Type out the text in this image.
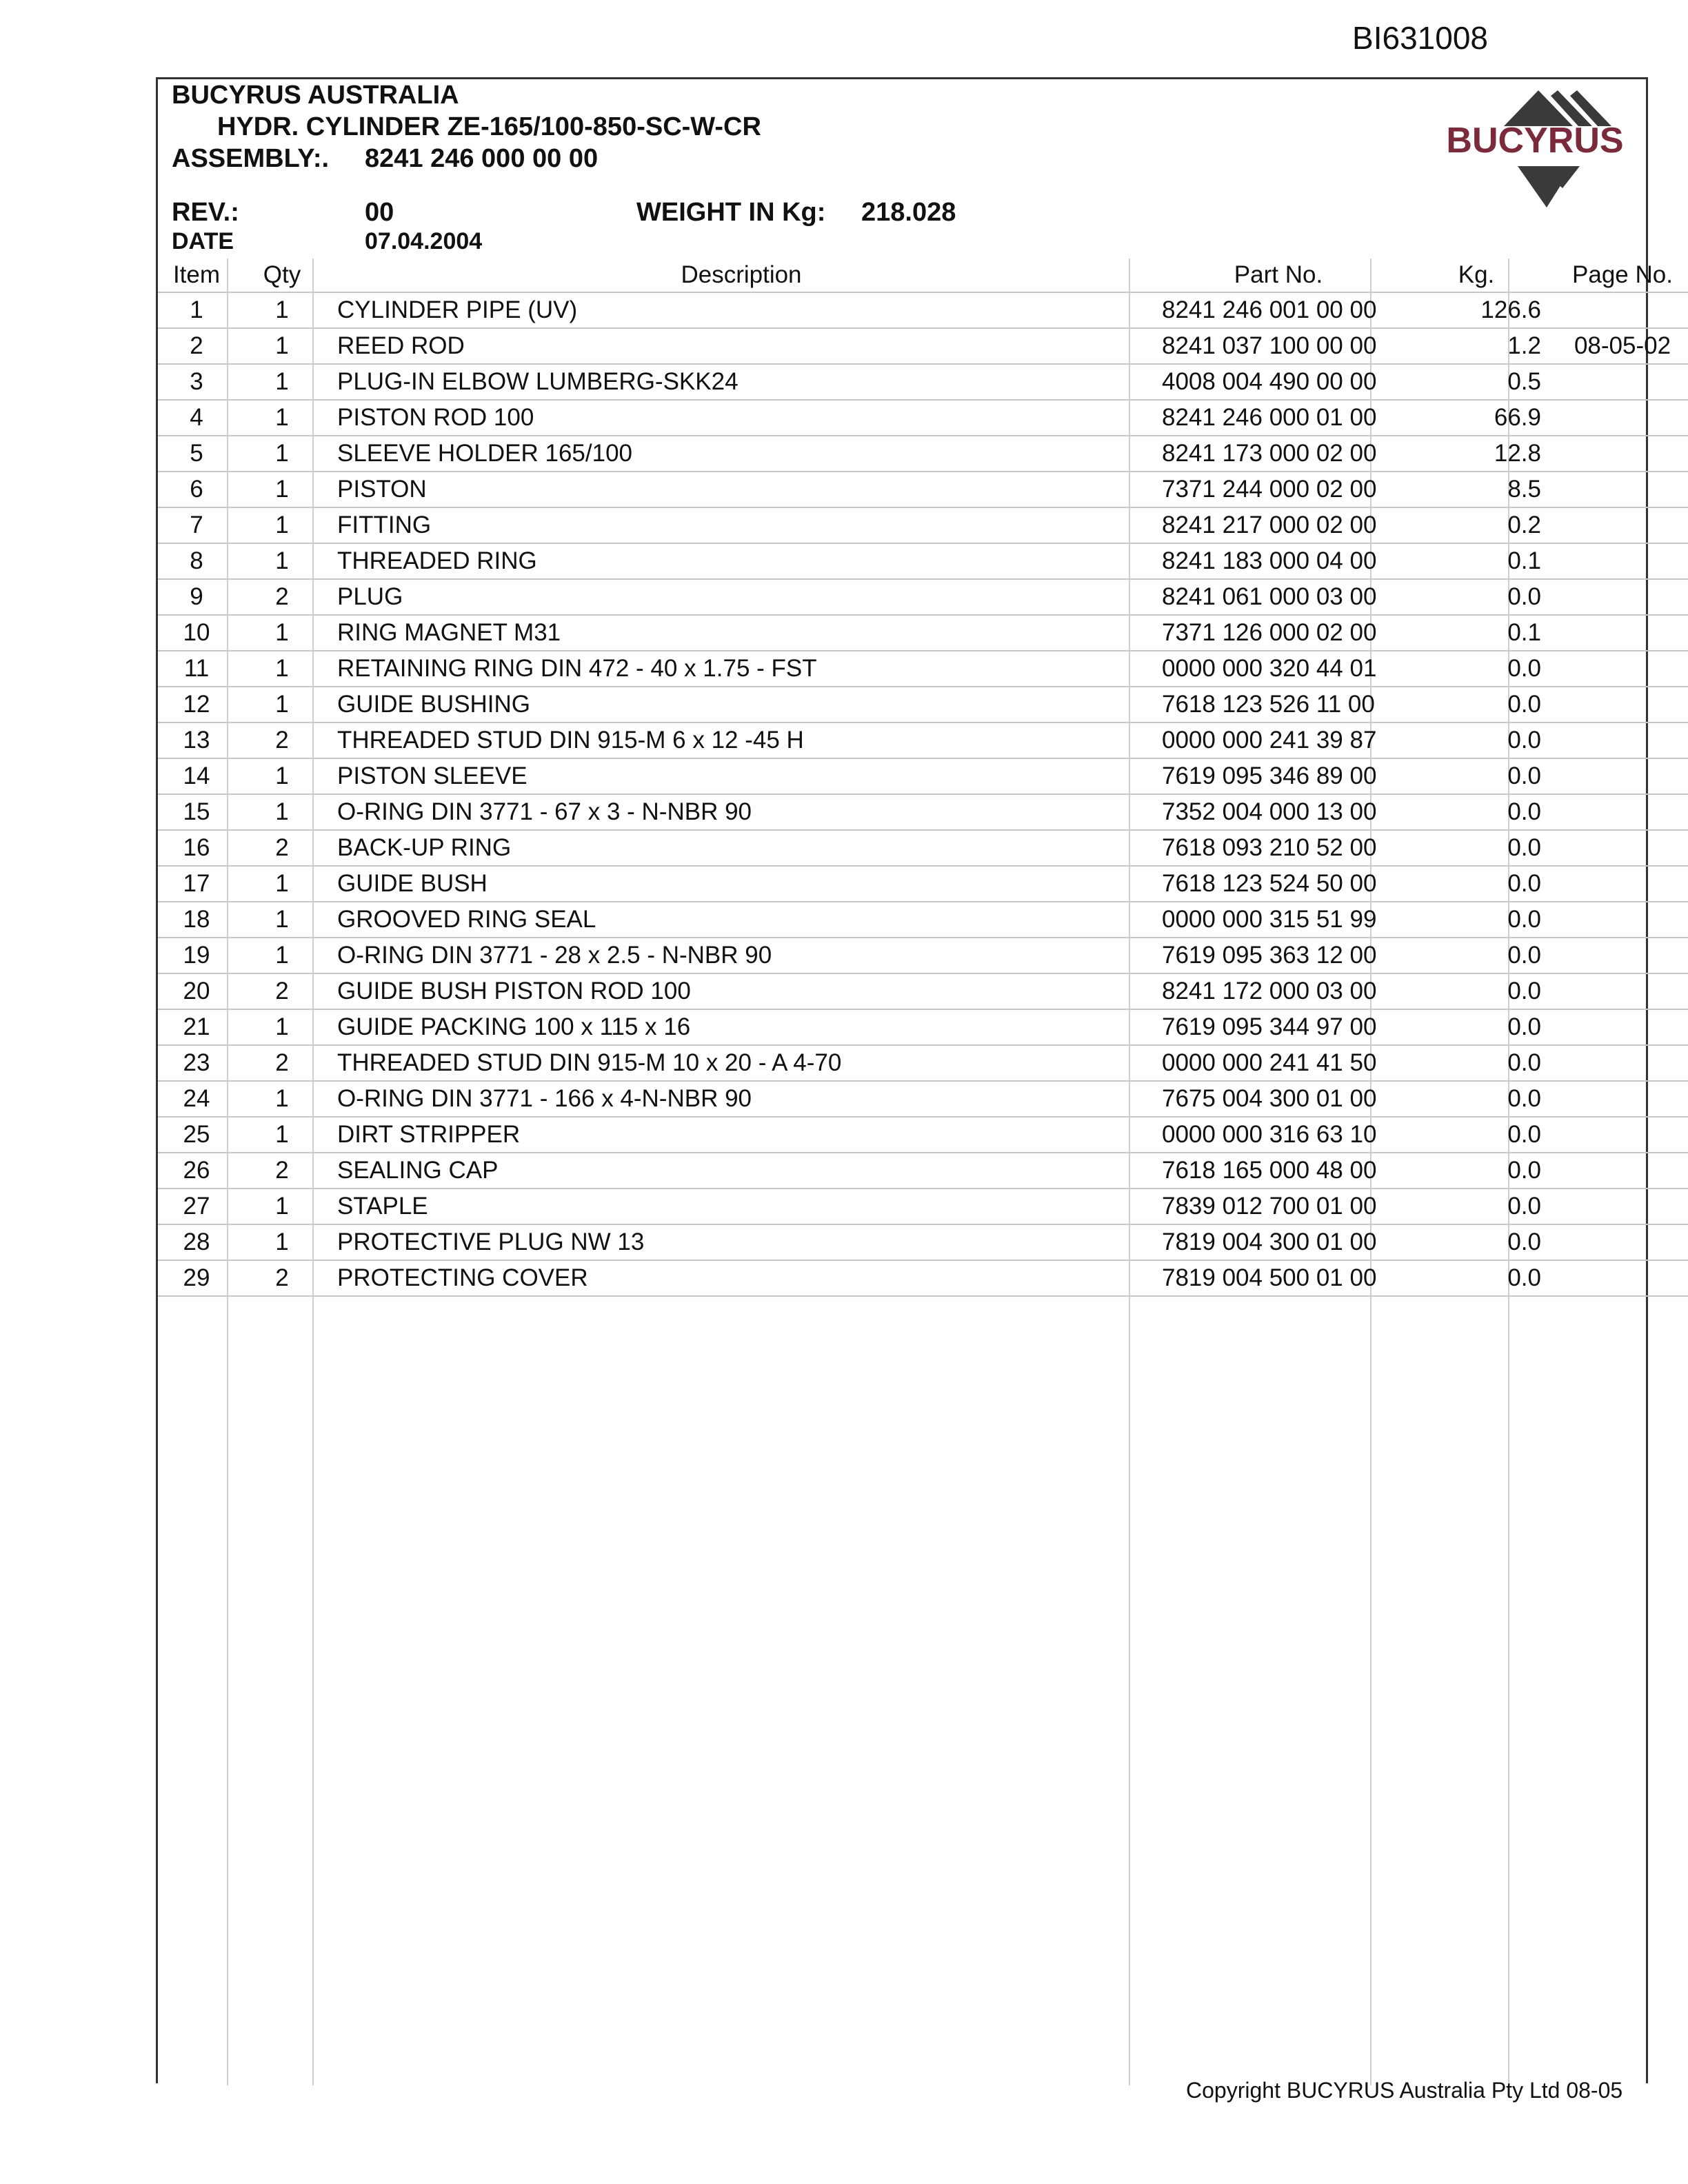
BI631008
BUCYRUS AUSTRALIA
HYDR. CYLINDER ZE-165/100-850-SC-W-CR
ASSEMBLY:. 8241 246 000 00 00
REV.:	00	WEIGHT IN Kg: 218.028
DATE	07.04.2004
BUCYRUS
Item	Qty	Description	Part No.	Kg.	Page No.
1	1	CYLINDER PIPE (UV)	8241 246 001 00 00	126.6	
2	1	REED ROD	8241 037 100 00 00	1.2	08-05-02
3	1	PLUG-IN ELBOW LUMBERG-SKK24	4008 004 490 00 00	0.5	
4	1	PISTON ROD 100	8241 246 000 01 00	66.9	
5	1	SLEEVE HOLDER 165/100	8241 173 000 02 00	12.8	
6	1	PISTON	7371 244 000 02 00	8.5	
7	1	FITTING	8241 217 000 02 00	0.2	
8	1	THREADED RING	8241 183 000 04 00	0.1	
9	2	PLUG	8241 061 000 03 00	0.0	
10	1	RING MAGNET M31	7371 126 000 02 00	0.1	
11	1	RETAINING RING DIN 472 - 40 x 1.75 - FST	0000 000 320 44 01	0.0	
12	1	GUIDE BUSHING	7618 123 526 11 00	0.0	
13	2	THREADED STUD DIN 915-M 6 x 12 -45 H	0000 000 241 39 87	0.0	
14	1	PISTON SLEEVE	7619 095 346 89 00	0.0	
15	1	O-RING DIN 3771 - 67 x 3 - N-NBR 90	7352 004 000 13 00	0.0	
16	2	BACK-UP RING	7618 093 210 52 00	0.0	
17	1	GUIDE BUSH	7618 123 524 50 00	0.0	
18	1	GROOVED RING SEAL	0000 000 315 51 99	0.0	
19	1	O-RING DIN 3771 - 28 x 2.5 - N-NBR 90	7619 095 363 12 00	0.0	
20	2	GUIDE BUSH PISTON ROD 100	8241 172 000 03 00	0.0	
21	1	GUIDE PACKING 100 x 115 x 16	7619 095 344 97 00	0.0	
23	2	THREADED STUD DIN 915-M 10 x 20 - A 4-70	0000 000 241 41 50	0.0	
24	1	O-RING DIN 3771 - 166 x 4-N-NBR 90	7675 004 300 01 00	0.0	
25	1	DIRT STRIPPER	0000 000 316 63 10	0.0	
26	2	SEALING CAP	7618 165 000 48 00	0.0	
27	1	STAPLE	7839 012 700 01 00	0.0	
28	1	PROTECTIVE PLUG NW 13	7819 004 300 01 00	0.0	
29	2	PROTECTING COVER	7819 004 500 01 00	0.0	
Copyright BUCYRUS Australia Pty Ltd 08-05
